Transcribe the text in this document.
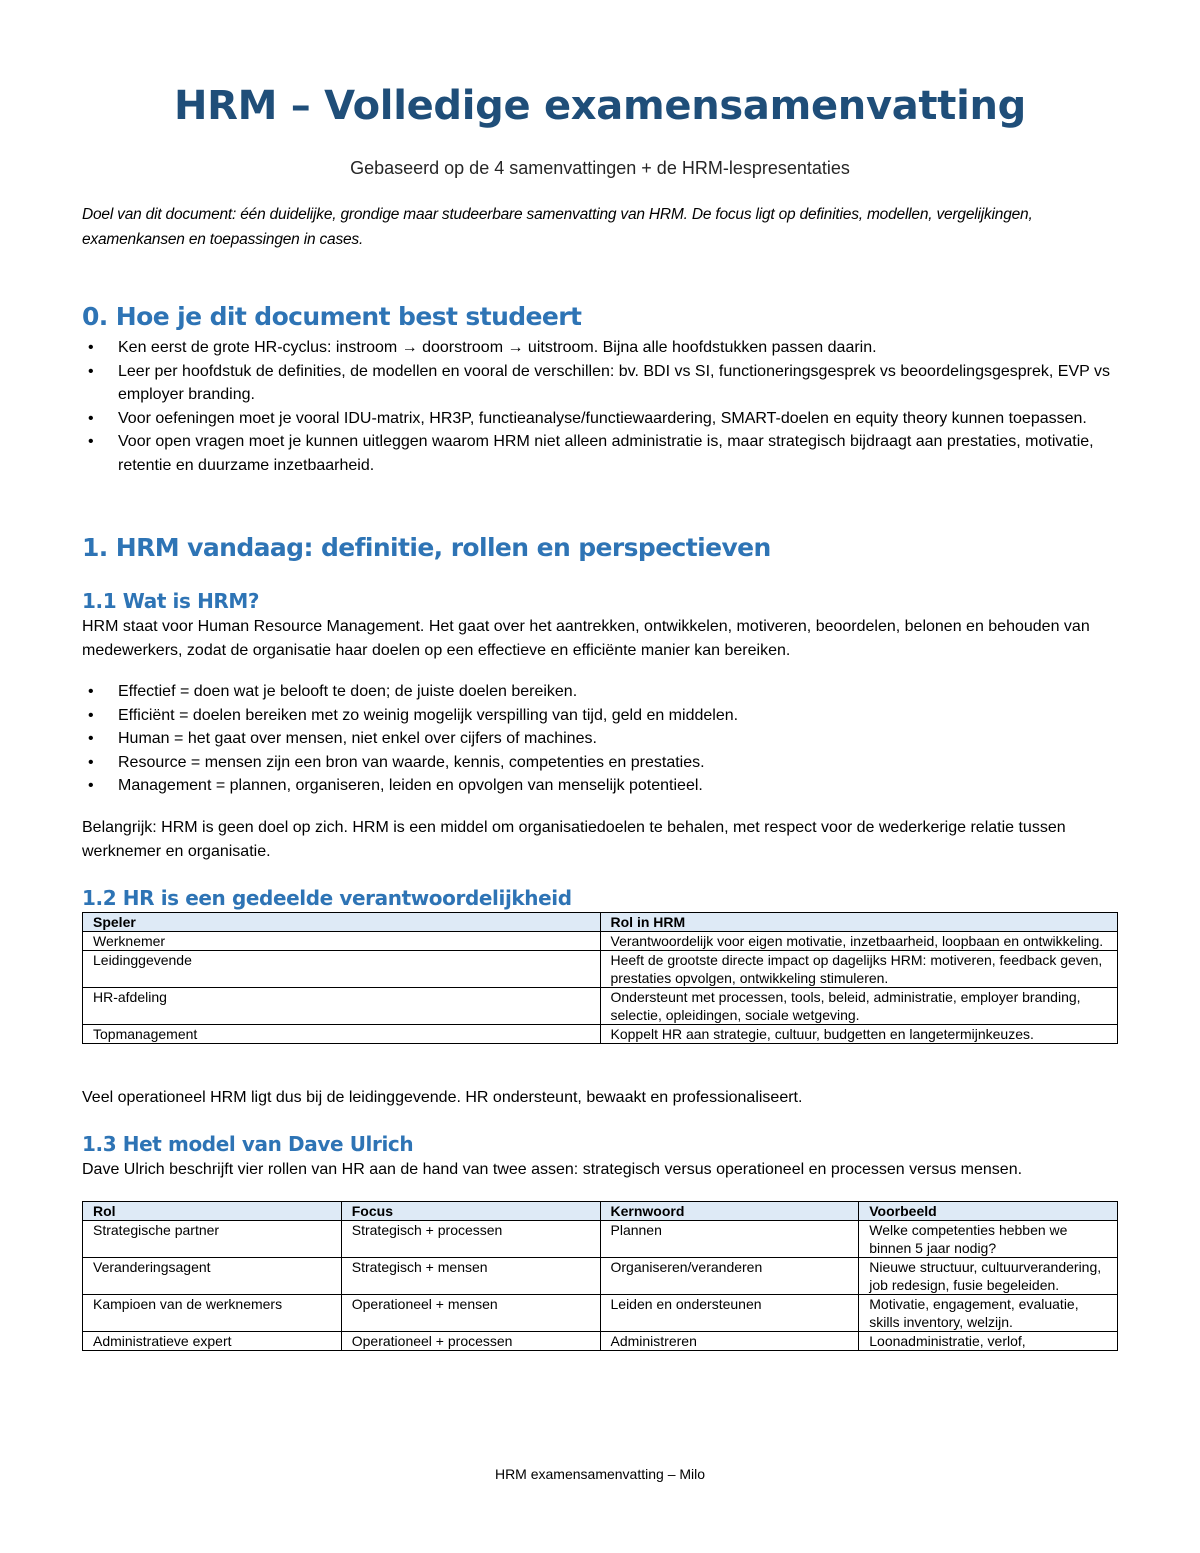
HRM – Volledige examensamenvatting
Gebaseerd op de 4 samenvattingen + de HRM-lespresentaties
Doel van dit document: één duidelijke, grondige maar studeerbare samenvatting van HRM. De focus ligt op definities, modellen, vergelijkingen, examenkansen en toepassingen in cases.
0. Hoe je dit document best studeert
• Ken eerst de grote HR-cyclus: instroom → doorstroom → uitstroom. Bijna alle hoofdstukken passen daarin.
• Leer per hoofdstuk de definities, de modellen en vooral de verschillen: bv. BDI vs SI, functioneringsgesprek vs beoordelingsgesprek, EVP vs employer branding.
• Voor oefeningen moet je vooral IDU-matrix, HR3P, functieanalyse/functiewaardering, SMART-doelen en equity theory kunnen toepassen.
• Voor open vragen moet je kunnen uitleggen waarom HRM niet alleen administratie is, maar strategisch bijdraagt aan prestaties, motivatie, retentie en duurzame inzetbaarheid.
1. HRM vandaag: definitie, rollen en perspectieven
1.1 Wat is HRM?

HRM staat voor Human Resource Management. Het gaat over het aantrekken, ontwikkelen, motiveren, beoordelen, belonen en behouden van medewerkers, zodat de organisatie haar doelen op een effectieve en efficiënte manier kan bereiken.

• Effectief = doen wat je belooft te doen; de juiste doelen bereiken.
• Efficiënt = doelen bereiken met zo weinig mogelijk verspilling van tijd, geld en middelen.
• Human = het gaat over mensen, niet enkel over cijfers of machines.
• Resource = mensen zijn een bron van waarde, kennis, competenties en prestaties.
• Management = plannen, organiseren, leiden en opvolgen van menselijk potentieel.

Belangrijk: HRM is geen doel op zich. HRM is een middel om organisatiedoelen te behalen, met respect voor de wederkerige relatie tussen werknemer en organisatie.

1.2 HR is een gedeelde verantwoordelijkheid
Speler	Rol in HRM
Werknemer	Verantwoordelijk voor eigen motivatie, inzetbaarheid, loopbaan en ontwikkeling.
Leidinggevende	Heeft de grootste directe impact op dagelijks HRM: motiveren, feedback geven, prestaties opvolgen, ontwikkeling stimuleren.
HR-afdeling	Ondersteunt met processen, tools, beleid, administratie, employer branding, selectie, opleidingen, sociale wetgeving.
Topmanagement	Koppelt HR aan strategie, cultuur, budgetten en langetermijnkeuzes.

Veel operationeel HRM ligt dus bij de leidinggevende. HR ondersteunt, bewaakt en professionaliseert.

1.3 Het model van Dave Ulrich

Dave Ulrich beschrijft vier rollen van HR aan de hand van twee assen: strategisch versus operationeel en processen versus mensen.

Rol	Focus	Kernwoord	Voorbeeld
Strategische partner	Strategisch + processen	Plannen	Welke competenties hebben we binnen 5 jaar nodig?
Veranderingsagent	Strategisch + mensen	Organiseren/veranderen	Nieuwe structuur, cultuurverandering, job redesign, fusie begeleiden.
Kampioen van de werknemers	Operationeel + mensen	Leiden en ondersteunen	Motivatie, engagement, evaluatie, skills inventory, welzijn.
Administratieve expert	Operationeel + processen	Administreren	Loonadministratie, verlof,
HRM examensamenvatting – Milo
